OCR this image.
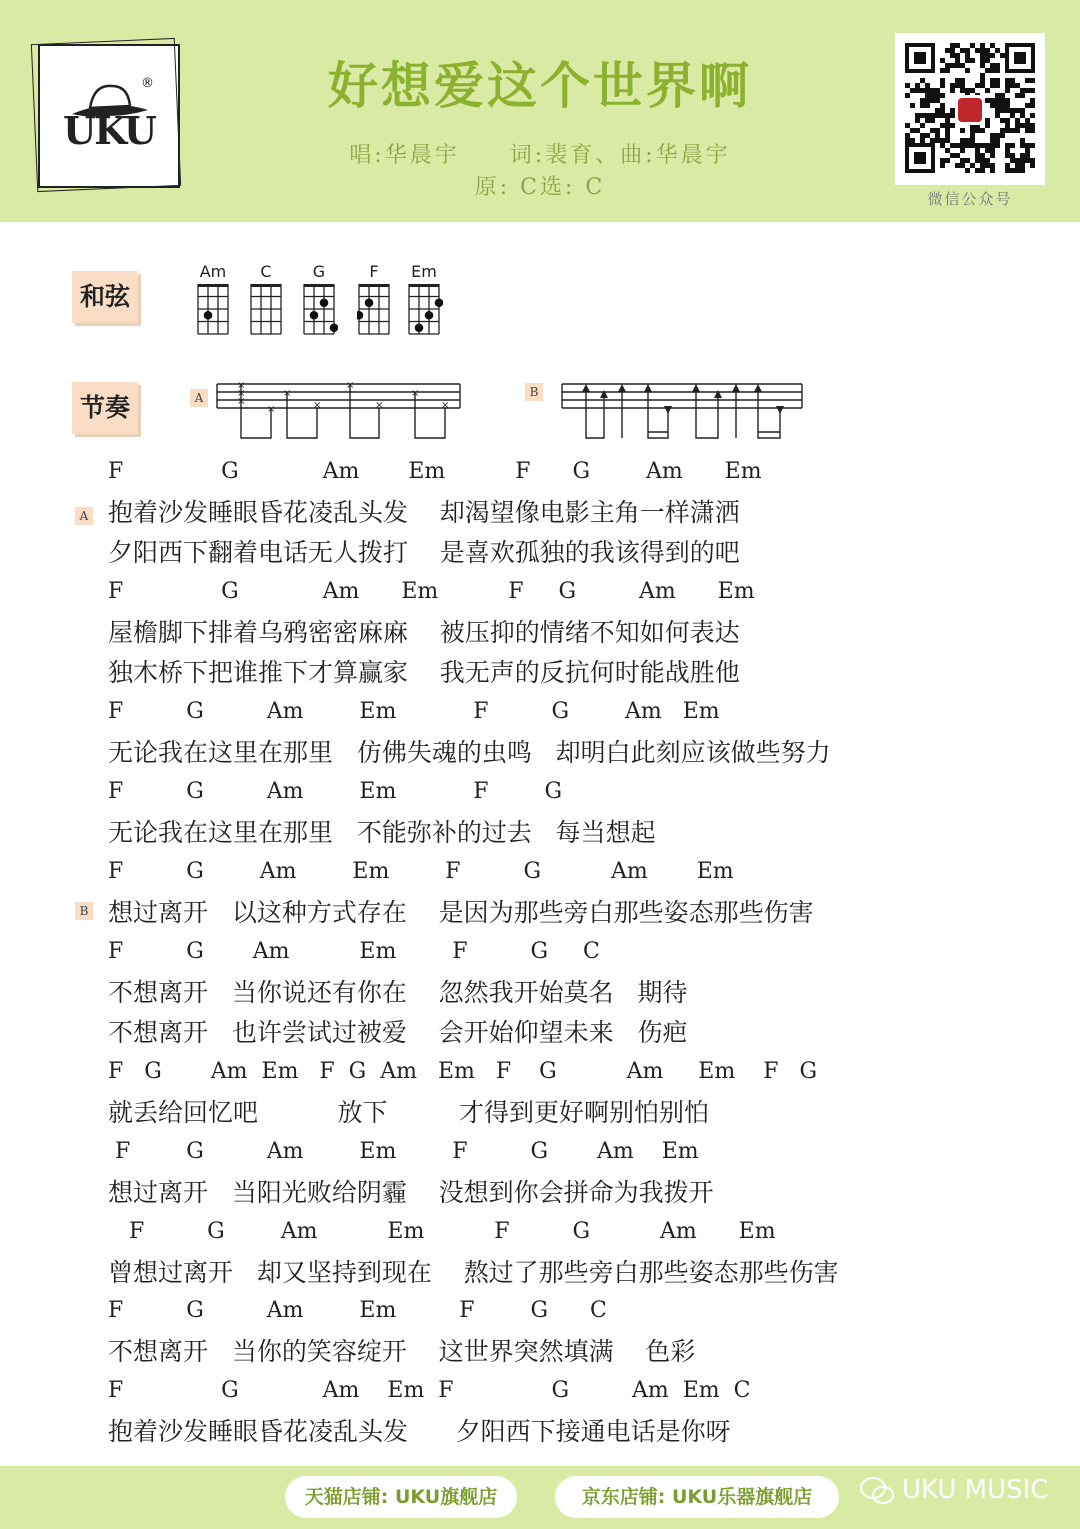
UKU
®	好想爱这个世界啊
唱:华晨宇 词:裴育、曲:华晨宇
原: C选: C	微信公众号
和弦
Am	C	G	F	Em
节奏	A	B
×
×
×
×
×
×
×
×
×
×
A
B
F              G            Am       Em          F      G        Am      Em
抱着沙发睡眼昏花凌乱头发    却渴望像电影主角一样潇洒
夕阳西下翻着电话无人拨打    是喜欢孤独的我该得到的吧
F              G            Am      Em          F     G         Am      Em
屋檐脚下排着乌鸦密密麻麻    被压抑的情绪不知如何表达
独木桥下把谁推下才算赢家    我无声的反抗何时能战胜他
F         G         Am        Em           F         G        Am   Em
无论我在这里在那里   仿佛失魂的虫鸣   却明白此刻应该做些努力
F         G         Am        Em           F        G
无论我在这里在那里   不能弥补的过去   每当想起
F         G        Am        Em        F         G          Am       Em
想过离开   以这种方式存在    是因为那些旁白那些姿态那些伤害
F         G       Am          Em        F         G     C
不想离开   当你说还有你在    忽然我开始莫名   期待
不想离开   也许尝试过被爱    会开始仰望未来   伤疤
F   G       Am  Em   F  G  Am   Em   F    G          Am     Em    F   G
就丢给回忆吧          放下         才得到更好啊别怕别怕
F        G         Am        Em        F         G       Am    Em
想过离开   当阳光败给阴霾    没想到你会拼命为我拨开
F         G        Am          Em          F         G          Am      Em
曾想过离开   却又坚持到现在    熬过了那些旁白那些姿态那些伤害
F         G         Am        Em         F        G      C
不想离开   当你的笑容绽开    这世界突然填满    色彩
F              G            Am    Em  F              G         Am  Em  C
抱着沙发睡眼昏花凌乱头发      夕阳西下接通电话是你呀
天猫店铺: UKU旗舰店	京东店铺: UKU乐器旗舰店	UKU MUSIC
